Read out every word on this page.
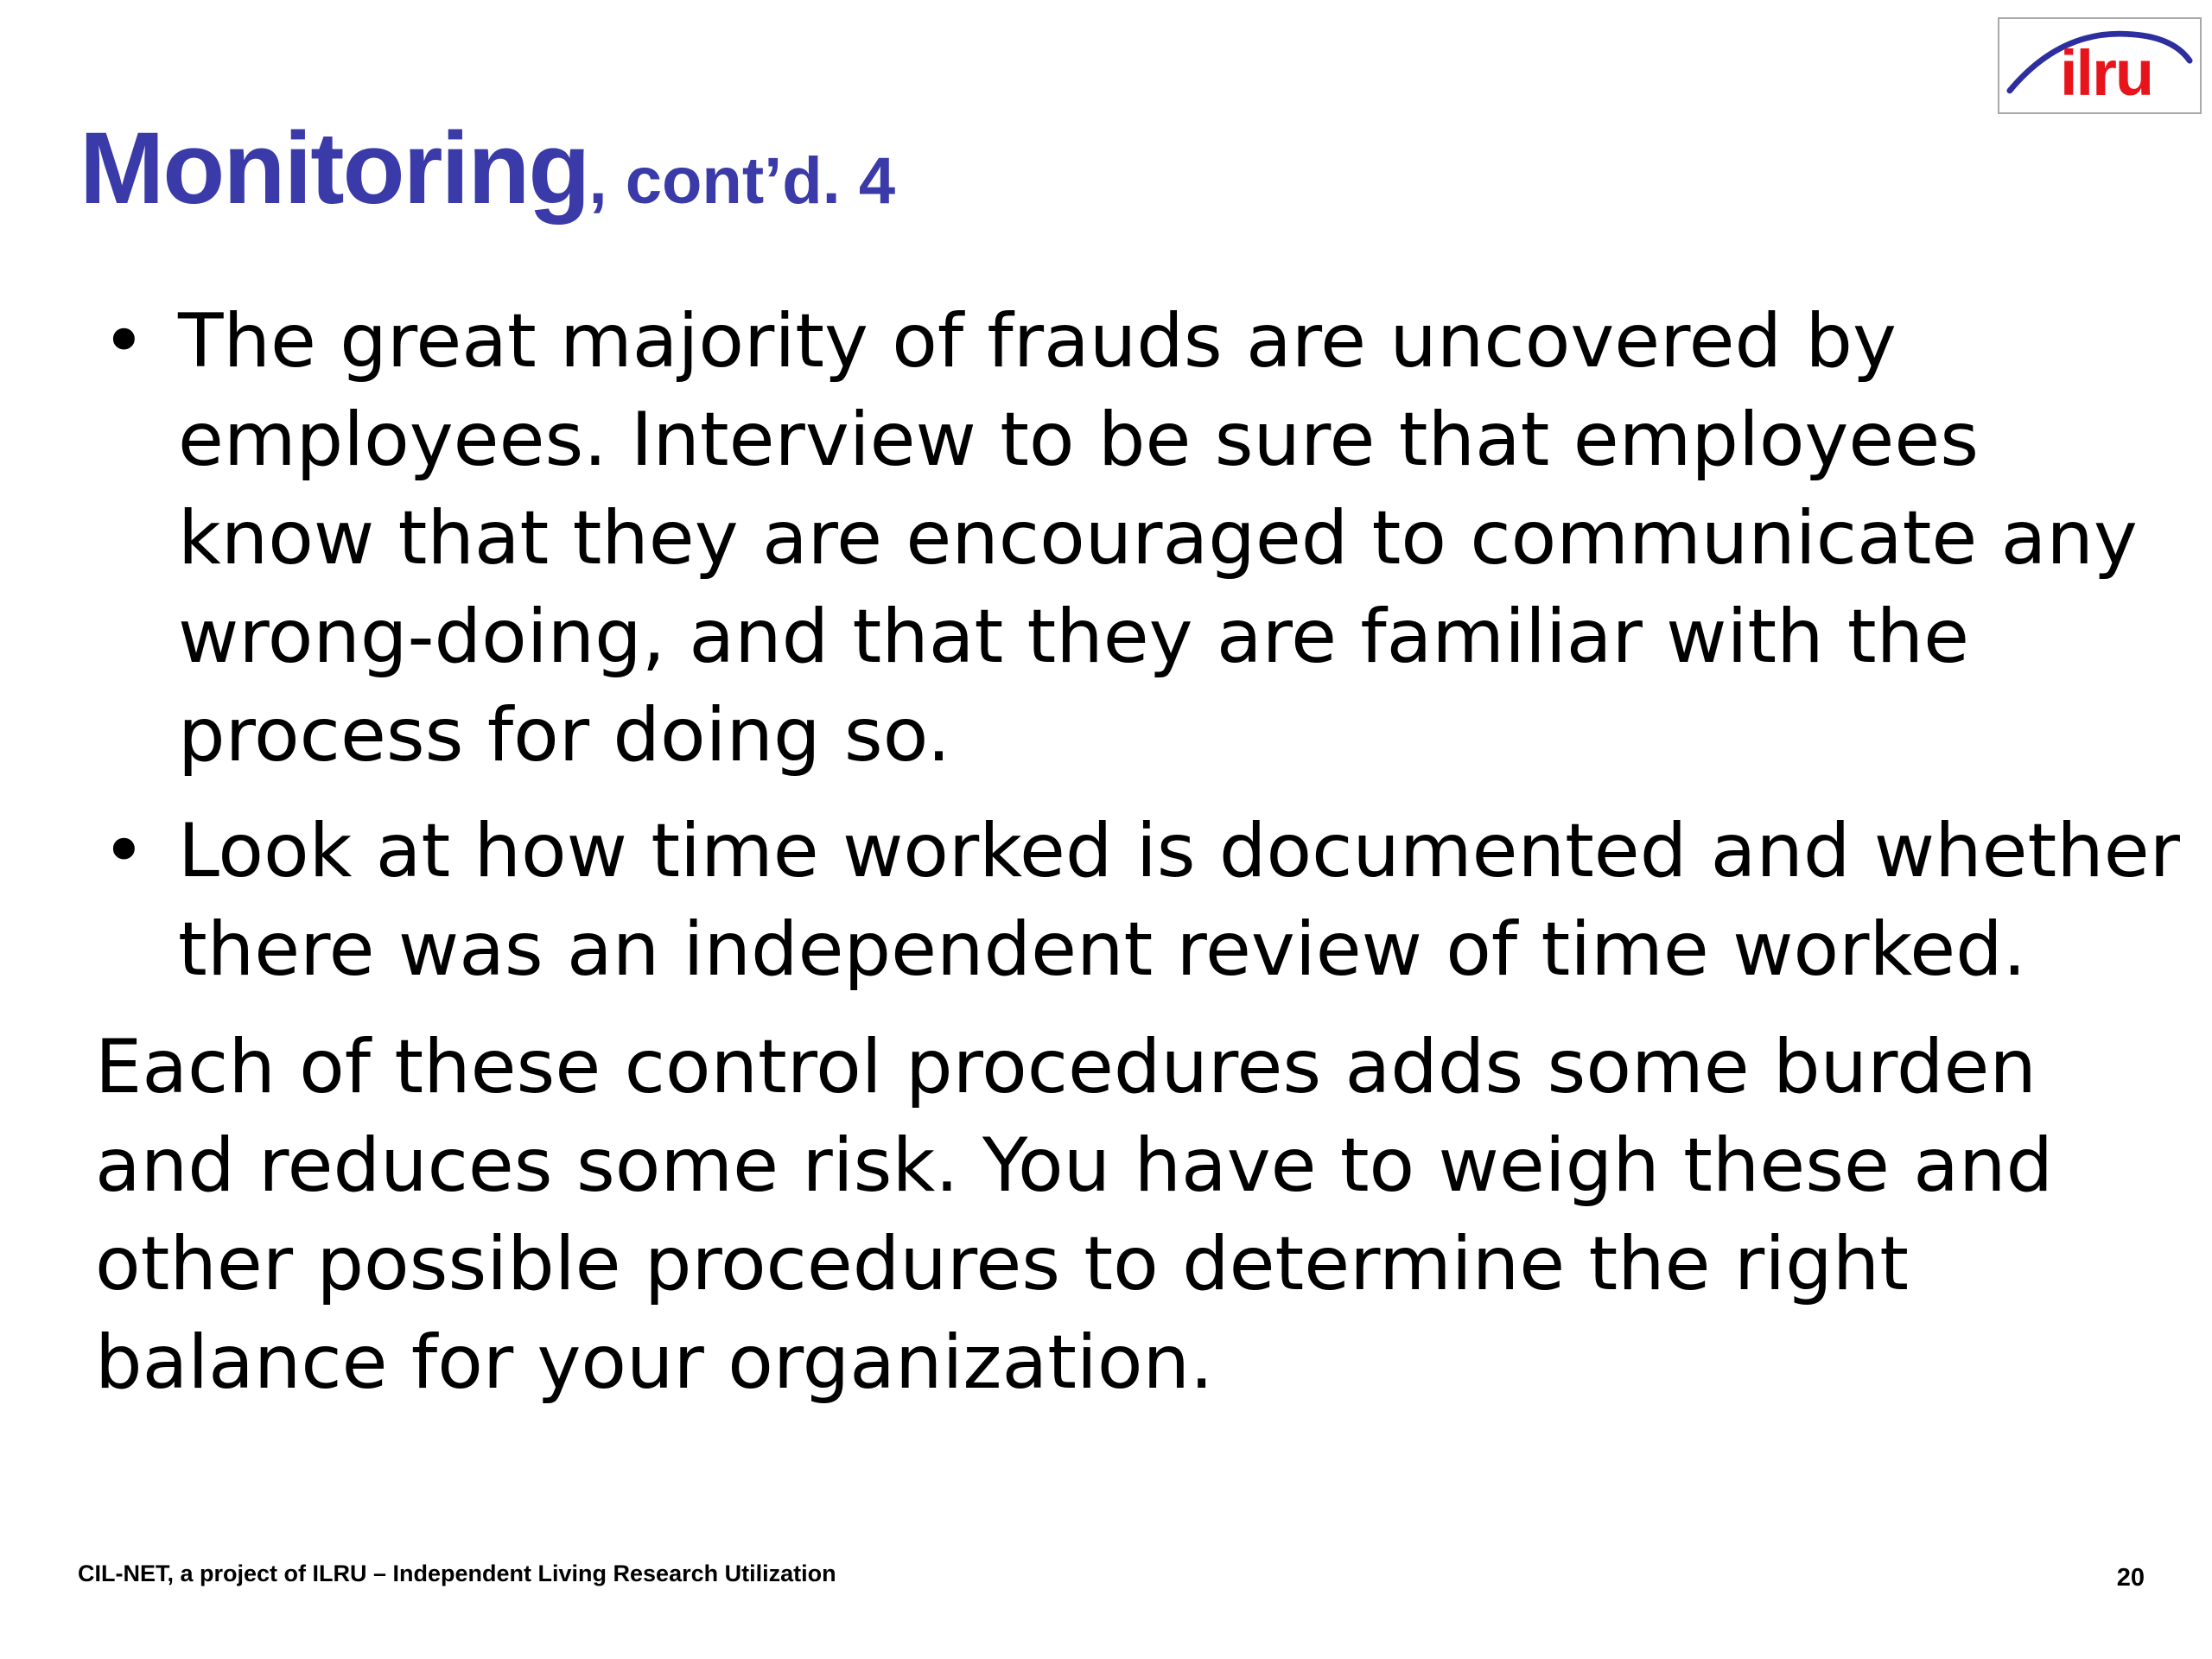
ilru
Monitoring, cont’d. 4
• The great majority of frauds are uncovered by employees. Interview to be sure that employees know that they are encouraged to communicate any wrong-doing, and that they are familiar with the process for doing so.
• Look at how time worked is documented and whether there was an independent review of time worked.

Each of these control procedures adds some burden and reduces some risk. You have to weigh these and other possible procedures to determine the right balance for your organization.

CIL-NET, a project of ILRU – Independent Living Research Utilization	20
